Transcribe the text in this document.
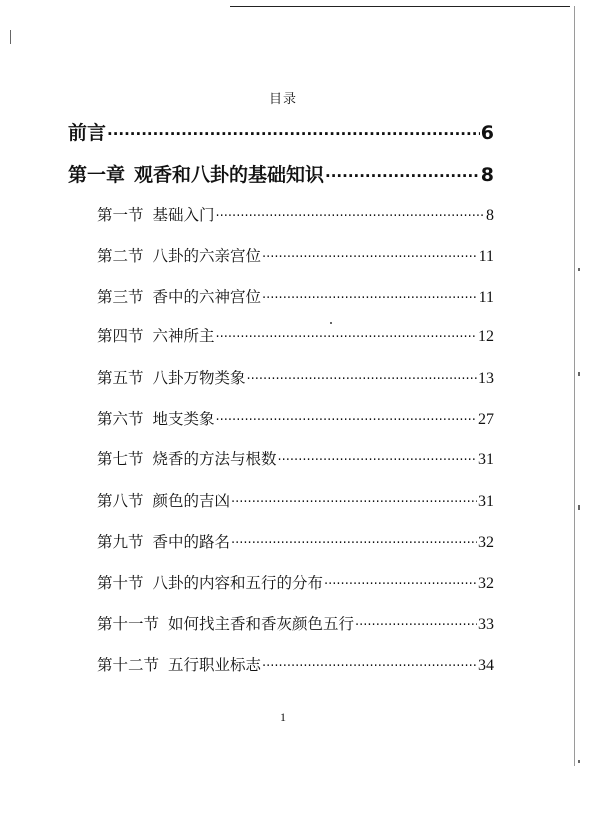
目录
前言 .....	6
第一章 观香和八卦的基础知识 .....	8
第一节 基础入门 .....	8
第二节 八卦的六亲宫位 .....	11
第三节 香中的六神宫位 .....	11
第四节 六神所主 .....	12
第五节 八卦万物类象 .....	13
第六节 地支类象 .....	27
第七节 烧香的方法与根数 .....	31
第八节 颜色的吉凶 .....	31
第九节 香中的路名 .....	32
第十节 八卦的内容和五行的分布 .....	32
第十一节 如何找主香和香灰颜色五行 .....	33
第十二节 五行职业标志 .....	34
1
